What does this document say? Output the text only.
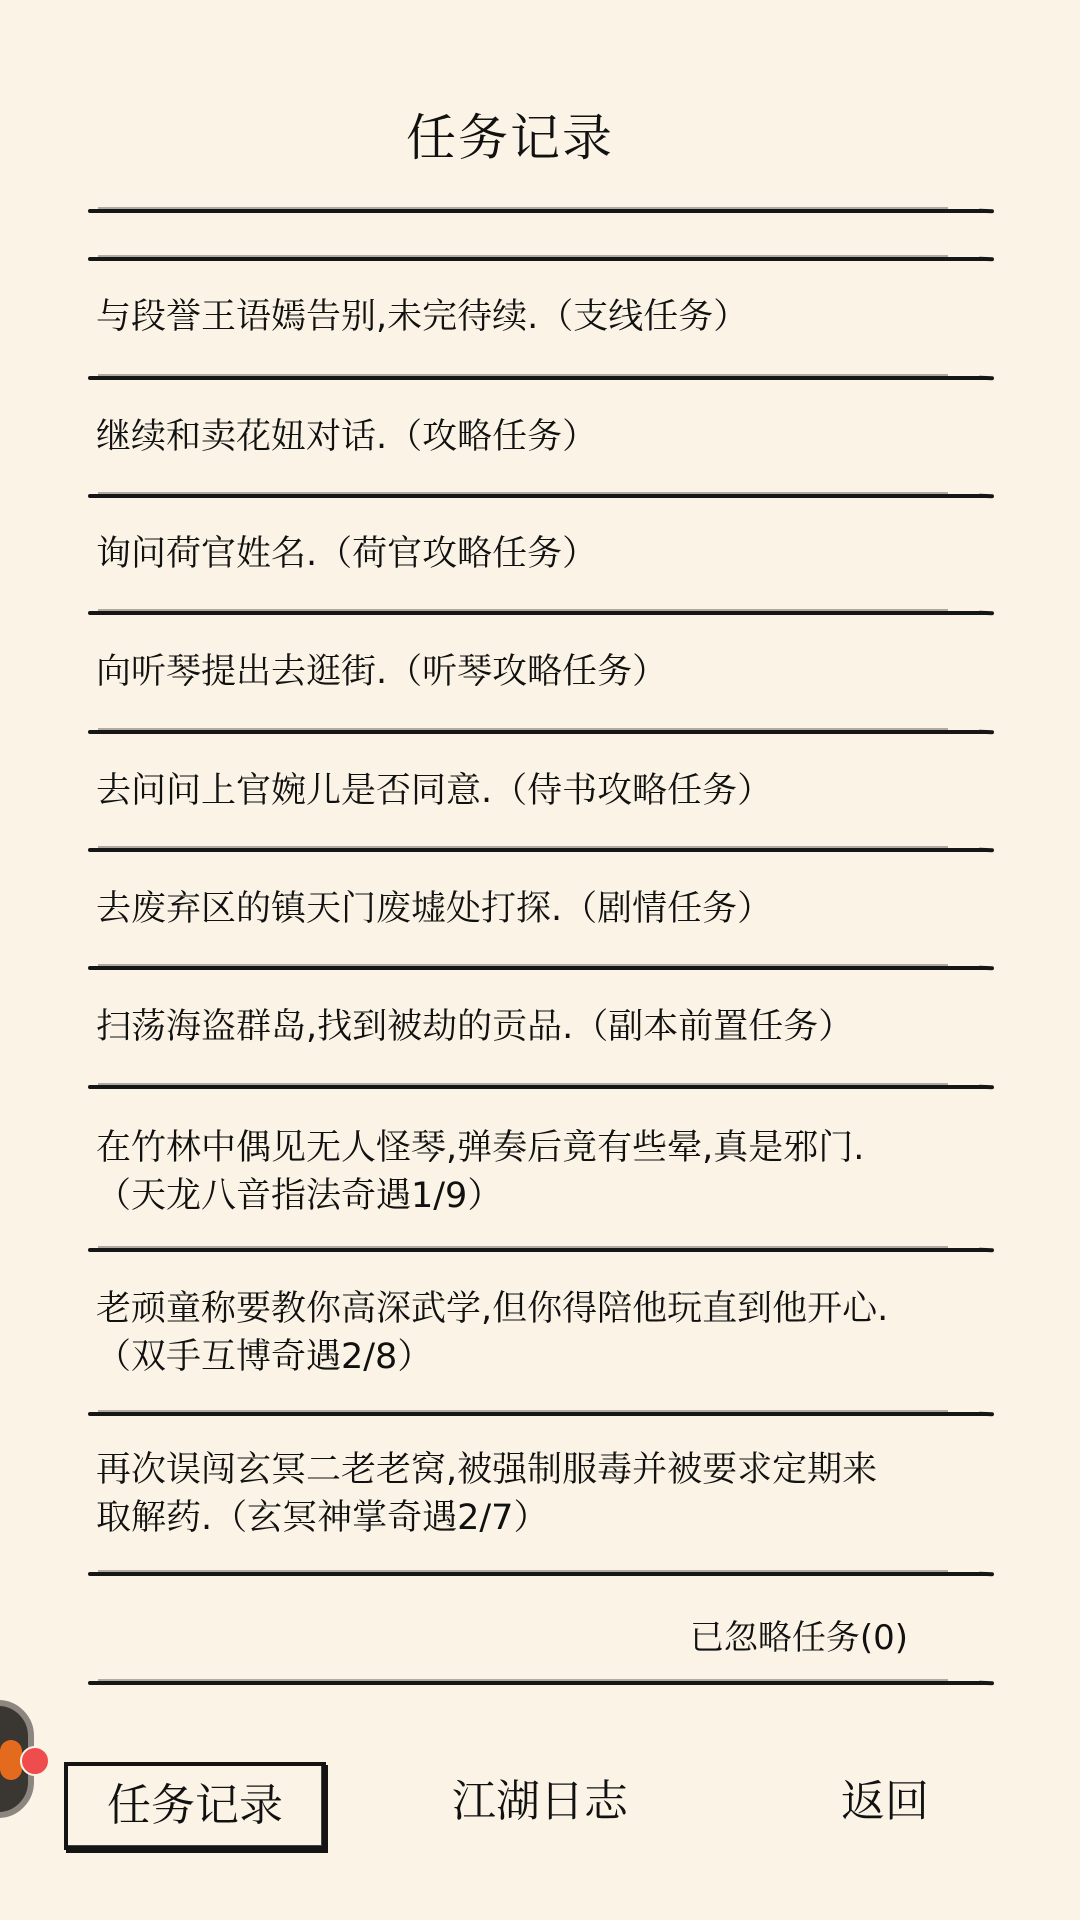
任务记录
与段誉王语嫣告别,未完待续.（支线任务）
继续和卖花妞对话.（攻略任务）
询问荷官姓名.（荷官攻略任务）
向听琴提出去逛街.（听琴攻略任务）
去问问上官婉儿是否同意.（侍书攻略任务）
去废弃区的镇天门废墟处打探.（剧情任务）
扫荡海盗群岛,找到被劫的贡品.（副本前置任务）
在竹林中偶见无人怪琴,弹奏后竟有些晕,真是邪门.
（天龙八音指法奇遇1/9）
老顽童称要教你高深武学,但你得陪他玩直到他开心.
（双手互博奇遇2/8）
再次误闯玄冥二老老窝,被强制服毒并被要求定期来
取解药.（玄冥神掌奇遇2/7）
已忽略任务(0)
任务记录	江湖日志	返回
